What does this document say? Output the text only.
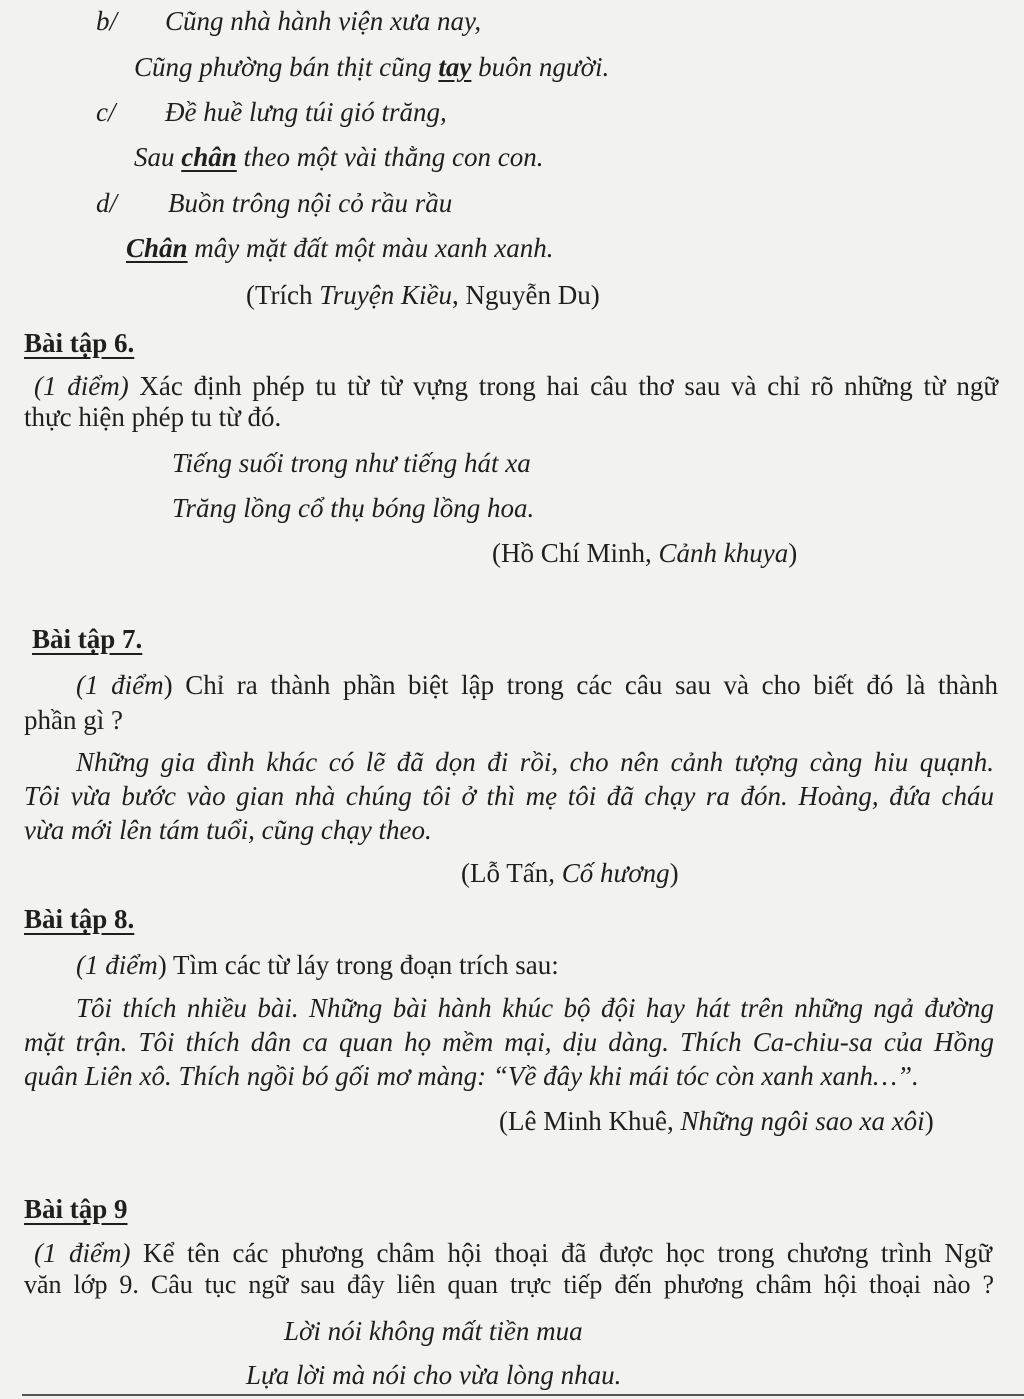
b/ Cũng nhà hành viện xưa nay,
Cũng phường bán thịt cũng tay buôn người.
c/ Đề huề lưng túi gió trăng,
Sau chân theo một vài thằng con con.
d/ Buồn trông nội cỏ rầu rầu
Chân mây mặt đất một màu xanh xanh.
(Trích Truyện Kiều, Nguyễn Du)
Bài tập 6.
(1 điểm) Xác định phép tu từ từ vựng trong hai câu thơ sau và chỉ rõ những từ ngữ
thực hiện phép tu từ đó.
Tiếng suối trong như tiếng hát xa
Trăng lồng cổ thụ bóng lồng hoa.
(Hồ Chí Minh, Cảnh khuya)
Bài tập 7.
(1 điểm) Chỉ ra thành phần biệt lập trong các câu sau và cho biết đó là thành
phần gì ?
Những gia đình khác có lẽ đã dọn đi rồi, cho nên cảnh tượng càng hiu quạnh.
Tôi vừa bước vào gian nhà chúng tôi ở thì mẹ tôi đã chạy ra đón. Hoàng, đứa cháu
vừa mới lên tám tuổi, cũng chạy theo.
(Lỗ Tấn, Cố hương)
Bài tập 8.
(1 điểm) Tìm các từ láy trong đoạn trích sau:
Tôi thích nhiều bài. Những bài hành khúc bộ đội hay hát trên những ngả đường
mặt trận. Tôi thích dân ca quan họ mềm mại, dịu dàng. Thích Ca-chiu-sa của Hồng
quân Liên xô. Thích ngồi bó gối mơ màng: “Về đây khi mái tóc còn xanh xanh…”.
(Lê Minh Khuê, Những ngôi sao xa xôi)
Bài tập 9
(1 điểm) Kể tên các phương châm hội thoại đã được học trong chương trình Ngữ
văn lớp 9. Câu tục ngữ sau đây liên quan trực tiếp đến phương châm hội thoại nào ?
Lời nói không mất tiền mua
Lựa lời mà nói cho vừa lòng nhau.
